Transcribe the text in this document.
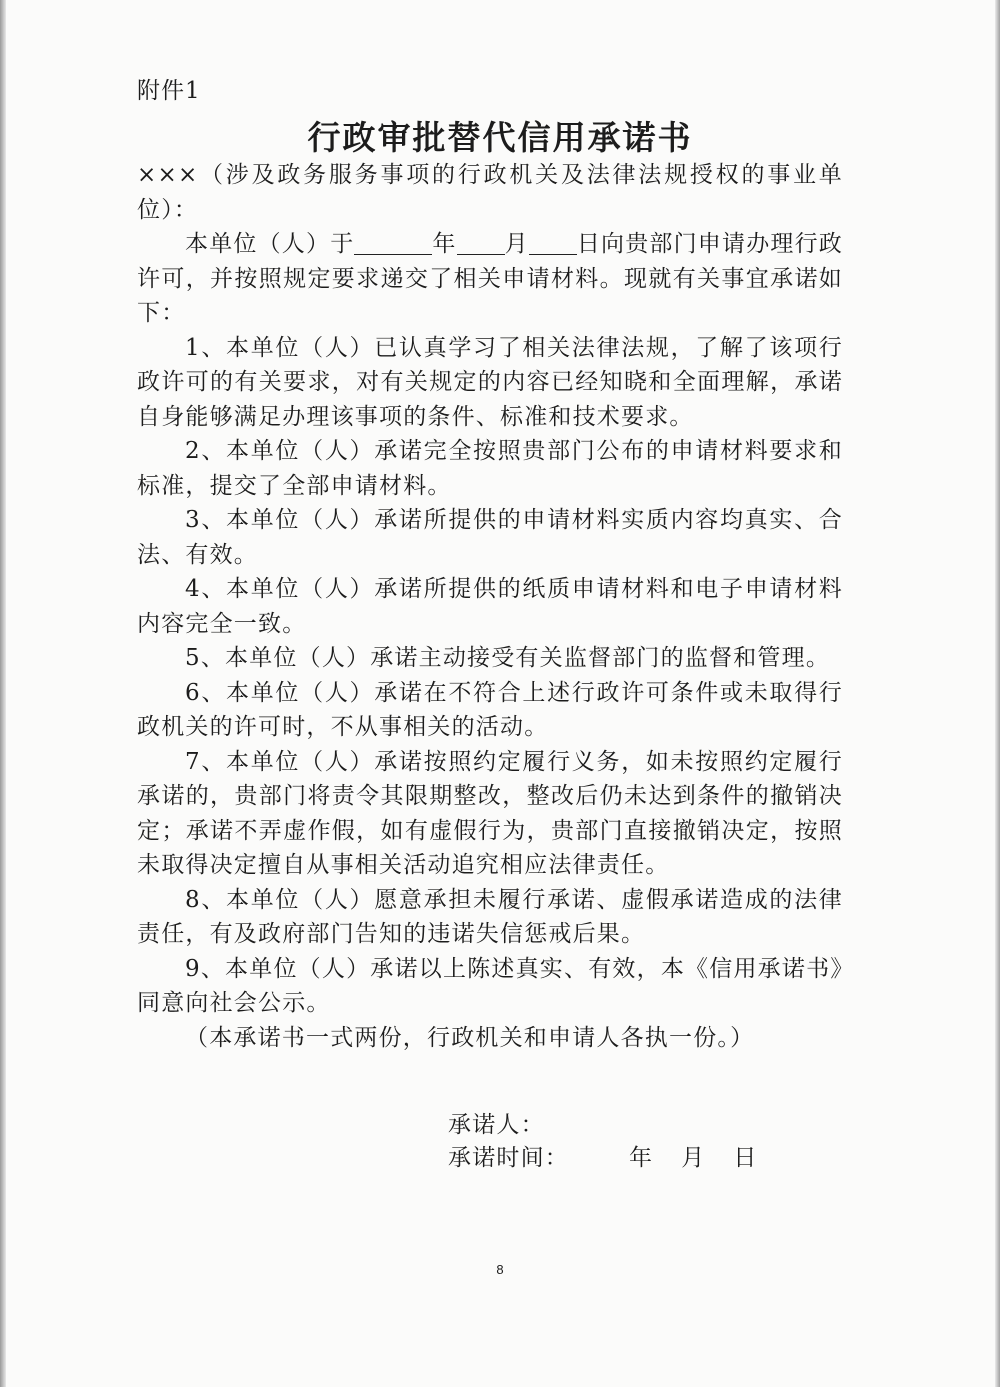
附件1
行政审批替代信用承诺书

×××（涉及政务服务事项的行政机关及法律法规授权的事业单位）：

本单位（人）于	年 月 日向贵部门申请办理行政许可，并按照规定要求递交了相关申请材料。现就有关事宜承诺如下：

1、本单位（人）已认真学习了相关法律法规，了解了该项行政许可的有关要求，对有关规定的内容已经知晓和全面理解，承诺自身能够满足办理该事项的条件、标准和技术要求。

2、本单位（人）承诺完全按照贵部门公布的申请材料要求和标准，提交了全部申请材料。

3、本单位（人）承诺所提供的申请材料实质内容均真实、合法、有效。

4、本单位（人）承诺所提供的纸质申请材料和电子申请材料内容完全一致。

5、本单位（人）承诺主动接受有关监督部门的监督和管理。

6、本单位（人）承诺在不符合上述行政许可条件或未取得行政机关的许可时，不从事相关的活动。

7、本单位（人）承诺按照约定履行义务，如未按照约定履行承诺的，贵部门将责令其限期整改，整改后仍未达到条件的撤销决定；承诺不弄虚作假，如有虚假行为，贵部门直接撤销决定，按照未取得决定擅自从事相关活动追究相应法律责任。

8、本单位（人）愿意承担未履行承诺、虚假承诺造成的法律责任，有及政府部门告知的违诺失信惩戒后果。

9、本单位（人）承诺以上陈述真实、有效，本《信用承诺书》同意向社会公示。

（本承诺书一式两份，行政机关和申请人各执一份。）

承诺人：
承诺时间：	年 月 日
8
